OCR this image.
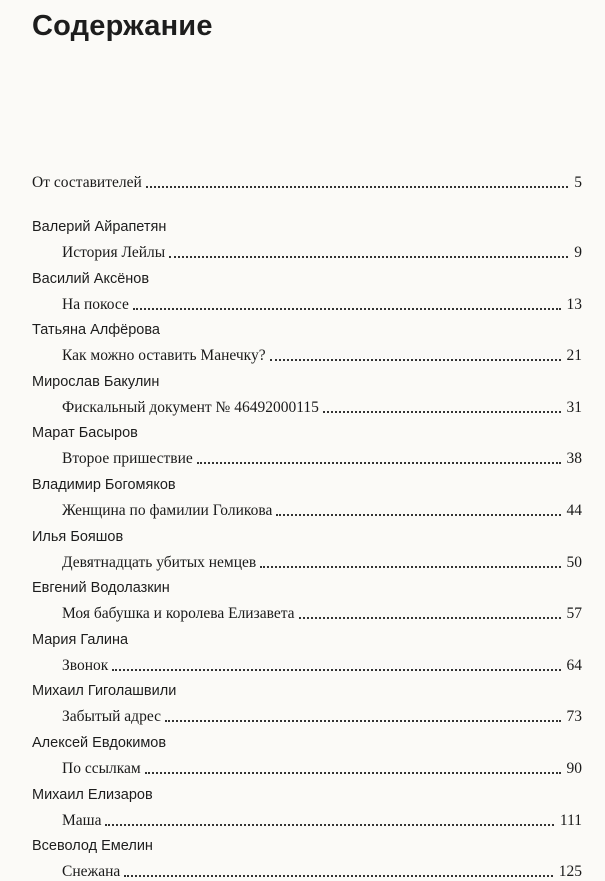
Содержание
От составителей	5
Валерий Айрапетян
История Лейлы	9
Василий Аксёнов
На покосе	13
Татьяна Алфёрова
Как можно оставить Манечку?	21
Мирослав Бакулин
Фискальный документ № 46492000115	31
Марат Басыров
Второе пришествие	38
Владимир Богомяков
Женщина по фамилии Голикова	44
Илья Бояшов
Девятнадцать убитых немцев	50
Евгений Водолазкин
Моя бабушка и королева Елизавета	57
Мария Галина
Звонок	64
Михаил Гиголашвили
Забытый адрес	73
Алексей Евдокимов
По ссылкам	90
Михаил Елизаров
Маша	111
Всеволод Емелин
Снежана	125
